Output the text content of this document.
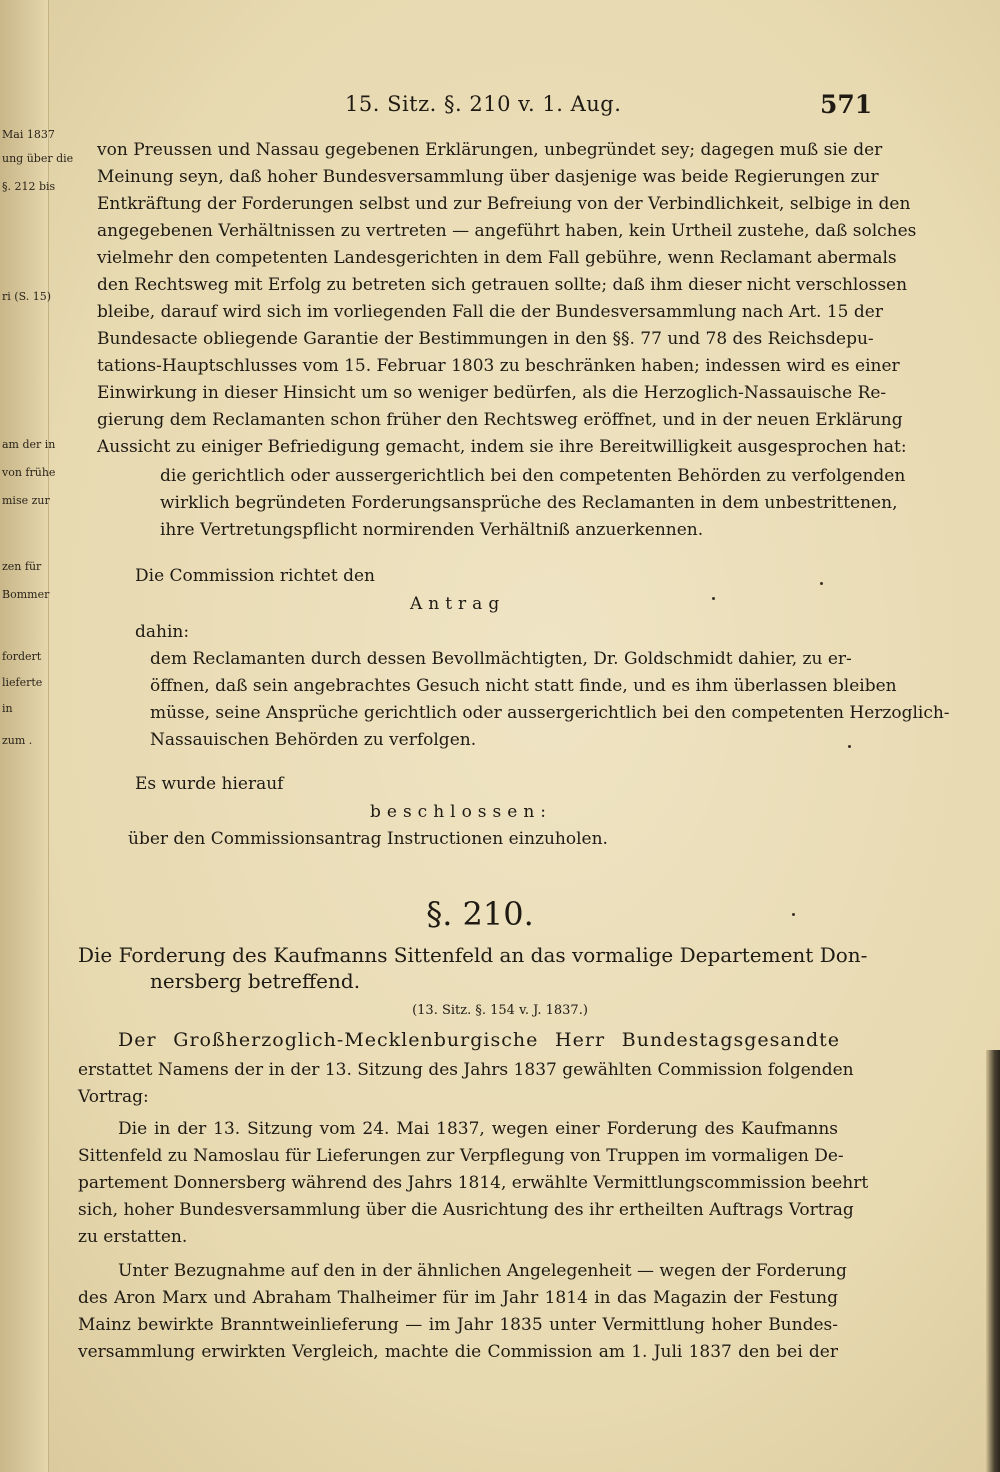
Mai 1837
ung über die
§. 212 bis
ri (S. 15)
am der in
von frühe
mise zur
zen für
Bommer
fordert
lieferte
in
zum .
15. Sitz. §. 210 v. 1. Aug.	571
von Preussen und Nassau gegebenen Erklärungen, unbegründet sey; dagegen muß sie der
Meinung seyn, daß hoher Bundesversammlung über dasjenige was beide Regierungen zur
Entkräftung der Forderungen selbst und zur Befreiung von der Verbindlichkeit, selbige in den
angegebenen Verhältnissen zu vertreten — angeführt haben, kein Urtheil zustehe, daß solches
vielmehr den competenten Landesgerichten in dem Fall gebühre, wenn Reclamant abermals
den Rechtsweg mit Erfolg zu betreten sich getrauen sollte; daß ihm dieser nicht verschlossen
bleibe, darauf wird sich im vorliegenden Fall die der Bundesversammlung nach Art. 15 der
Bundesacte obliegende Garantie der Bestimmungen in den §§. 77 und 78 des Reichsdepu-
tations-Hauptschlusses vom 15. Februar 1803 zu beschränken haben; indessen wird es einer
Einwirkung in dieser Hinsicht um so weniger bedürfen, als die Herzoglich-Nassauische Re-
gierung dem Reclamanten schon früher den Rechtsweg eröffnet, und in der neuen Erklärung
Aussicht zu einiger Befriedigung gemacht, indem sie ihre Bereitwilligkeit ausgesprochen hat:
die gerichtlich oder aussergerichtlich bei den competenten Behörden zu verfolgenden
wirklich begründeten Forderungsansprüche des Reclamanten in dem unbestrittenen,
ihre Vertretungspflicht normirenden Verhältniß anzuerkennen.
Die Commission richtet den
Antrag
dahin:
dem Reclamanten durch dessen Bevollmächtigten, Dr. Goldschmidt dahier, zu er-
öffnen, daß sein angebrachtes Gesuch nicht statt finde, und es ihm überlassen bleiben
müsse, seine Ansprüche gerichtlich oder aussergerichtlich bei den competenten Herzoglich-
Nassauischen Behörden zu verfolgen.
Es wurde hierauf
beschlossen:
über den Commissionsantrag Instructionen einzuholen.
§. 210.
Die Forderung des Kaufmanns Sittenfeld an das vormalige Departement Don-
nersberg betreffend.
(13. Sitz. §. 154 v. J. 1837.)
Der Großherzoglich-Mecklenburgische Herr Bundestagsgesandte
erstattet Namens der in der 13. Sitzung des Jahrs 1837 gewählten Commission folgenden
Vortrag:
Die in der 13. Sitzung vom 24. Mai 1837, wegen einer Forderung des Kaufmanns
Sittenfeld zu Namoslau für Lieferungen zur Verpflegung von Truppen im vormaligen De-
partement Donnersberg während des Jahrs 1814, erwählte Vermittlungscommission beehrt
sich, hoher Bundesversammlung über die Ausrichtung des ihr ertheilten Auftrags Vortrag
zu erstatten.
Unter Bezugnahme auf den in der ähnlichen Angelegenheit — wegen der Forderung
des Aron Marx und Abraham Thalheimer für im Jahr 1814 in das Magazin der Festung
Mainz bewirkte Branntweinlieferung — im Jahr 1835 unter Vermittlung hoher Bundes-
versammlung erwirkten Vergleich, machte die Commission am 1. Juli 1837 den bei der
